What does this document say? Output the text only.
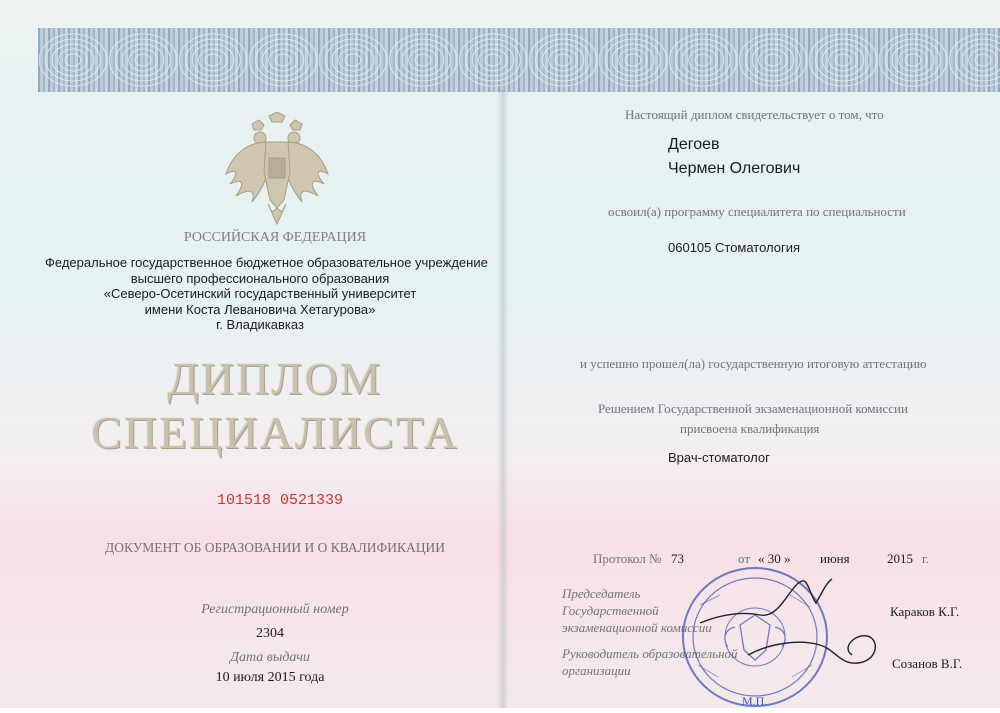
РОССИЙСКАЯ ФЕДЕРАЦИЯ
Федеральное государственное бюджетное образовательное учреждение
высшего профессионального образования
«Северо-Осетинский государственный университет
имени Коста Левановича Хетагурова»
г. Владикавказ
ДИПЛОМ
СПЕЦИАЛИСТА
101518 0521339
ДОКУМЕНТ ОБ ОБРАЗОВАНИИ И О КВАЛИФИКАЦИИ
Регистрационный номер
2304
Дата выдачи
10 июля 2015 года
Настоящий диплом свидетельствует о том, что
Дегоев
Чермен Олегович
освоил(а) программу специалитета по специальности
060105 Стоматология
и успешно прошел(ла) государственную итоговую аттестацию
Решением Государственной экзаменационной комиссии
присвоена квалификация
Врач-стоматолог
Протокол № 73	от « 30 » июня	2015 г.
Председатель
Государственной
экзаменационной комиссии
Караков К.Г.
Руководитель образовательной
организации	Созанов В.Г.
М.П.
